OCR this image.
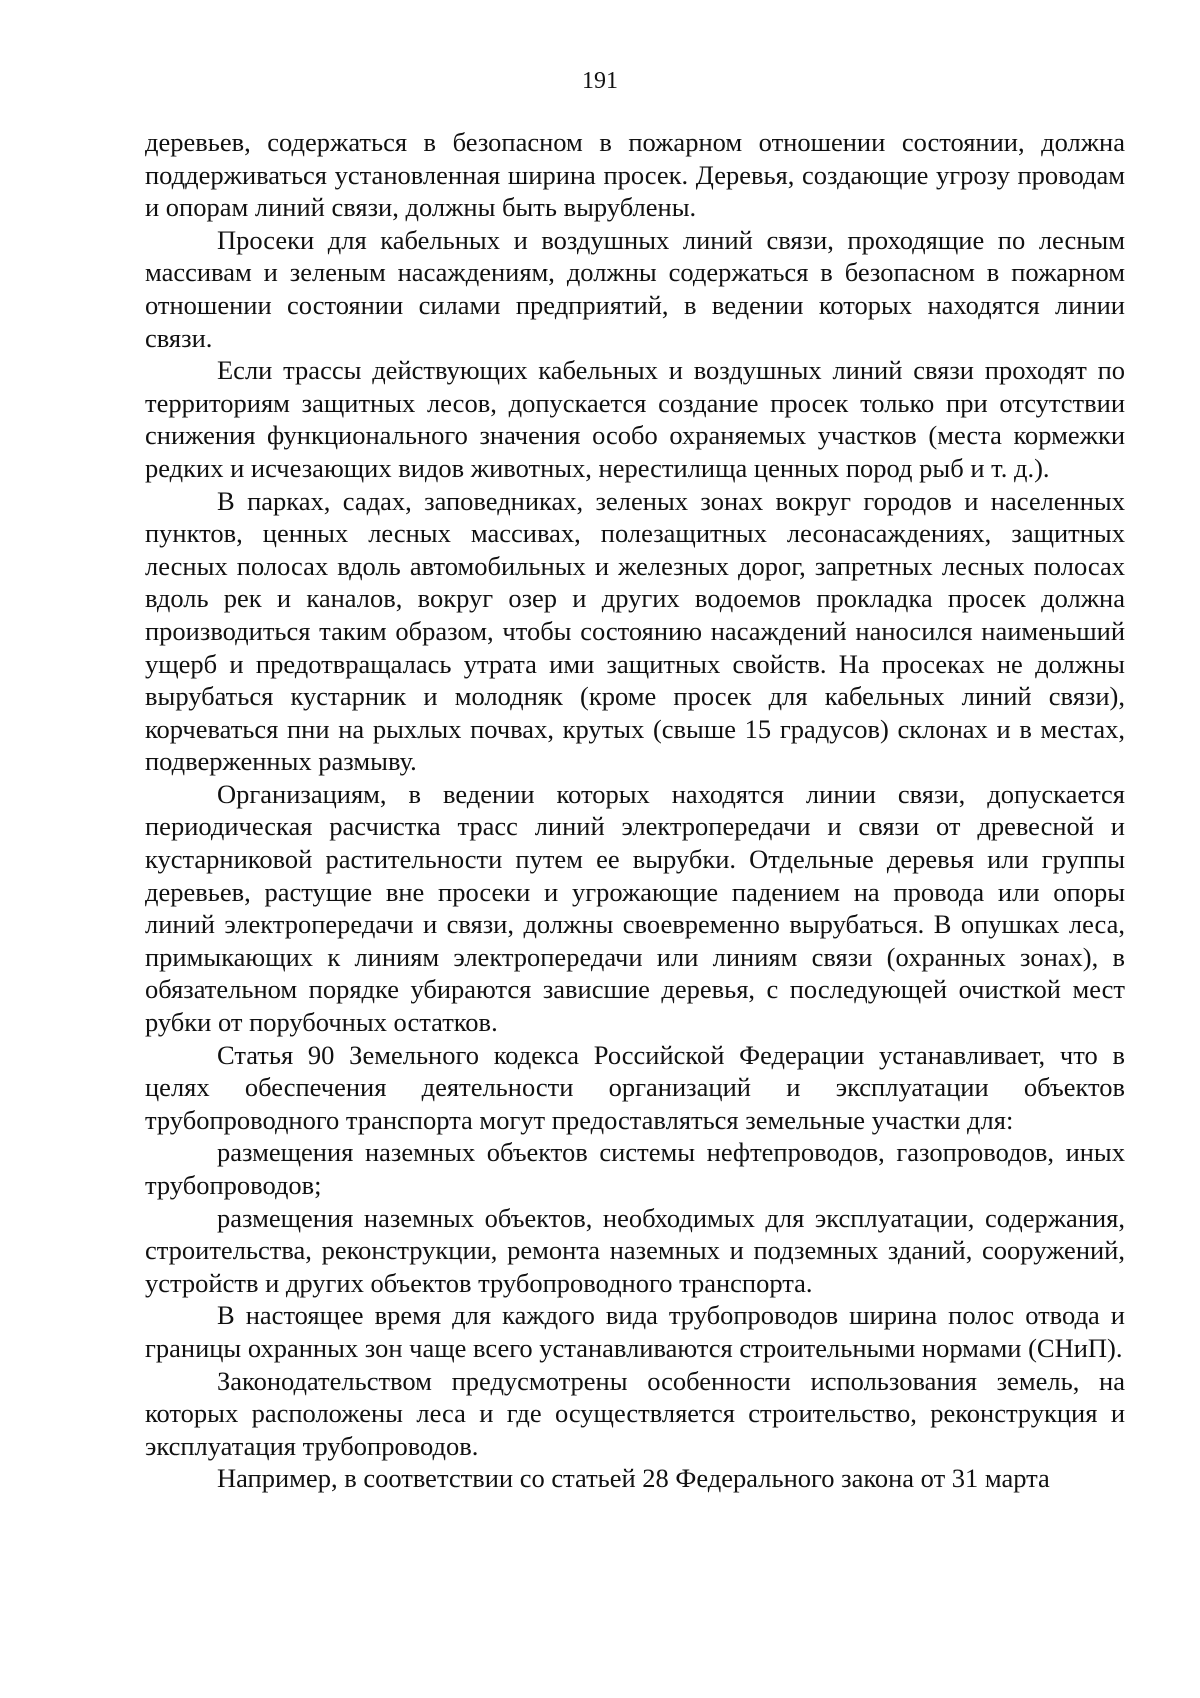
191

деревьев, содержаться в безопасном в пожарном отношении состоянии, должна поддерживаться установленная ширина просек. Деревья, создающие угрозу проводам и опорам линий связи, должны быть вырублены.

Просеки для кабельных и воздушных линий связи, проходящие по лесным массивам и зеленым насаждениям, должны содержаться в безопасном в пожарном отношении состоянии силами предприятий, в ведении которых находятся линии связи.

Если трассы действующих кабельных и воздушных линий связи проходят по территориям защитных лесов, допускается создание просек только при отсутствии снижения функционального значения особо охраняемых участков (места кормежки редких и исчезающих видов животных, нерестилища ценных пород рыб и т. д.).

В парках, садах, заповедниках, зеленых зонах вокруг городов и населенных пунктов, ценных лесных массивах, полезащитных лесонасаждениях, защитных лесных полосах вдоль автомобильных и железных дорог, запретных лесных полосах вдоль рек и каналов, вокруг озер и других водоемов прокладка просек должна производиться таким образом, чтобы состоянию насаждений наносился наименьший ущерб и предотвращалась утрата ими защитных свойств. На просеках не должны вырубаться кустарник и молодняк (кроме просек для кабельных линий связи), корчеваться пни на рыхлых почвах, крутых (свыше 15 градусов) склонах и в местах, подверженных размыву.

Организациям, в ведении которых находятся линии связи, допускается периодическая расчистка трасс линий электропередачи и связи от древесной и кустарниковой растительности путем ее вырубки. Отдельные деревья или группы деревьев, растущие вне просеки и угрожающие падением на провода или опоры линий электропередачи и связи, должны своевременно вырубаться. В опушках леса, примыкающих к линиям электропередачи или линиям связи (охранных зонах), в обязательном порядке убираются зависшие деревья, с последующей очисткой мест рубки от порубочных остатков.

Статья 90 Земельного кодекса Российской Федерации устанавливает, что в целях обеспечения деятельности организаций и эксплуатации объектов трубопроводного транспорта могут предоставляться земельные участки для:

размещения наземных объектов системы нефтепроводов, газопроводов, иных трубопроводов;

размещения наземных объектов, необходимых для эксплуатации, содержания, строительства, реконструкции, ремонта наземных и подземных зданий, сооружений, устройств и других объектов трубопроводного транспорта.

В настоящее время для каждого вида трубопроводов ширина полос отвода и границы охранных зон чаще всего устанавливаются строительными нормами (СНиП).

Законодательством предусмотрены особенности использования земель, на которых расположены леса и где осуществляется строительство, реконструкция и эксплуатация трубопроводов.

Например, в соответствии со статьей 28 Федерального закона от 31 марта
